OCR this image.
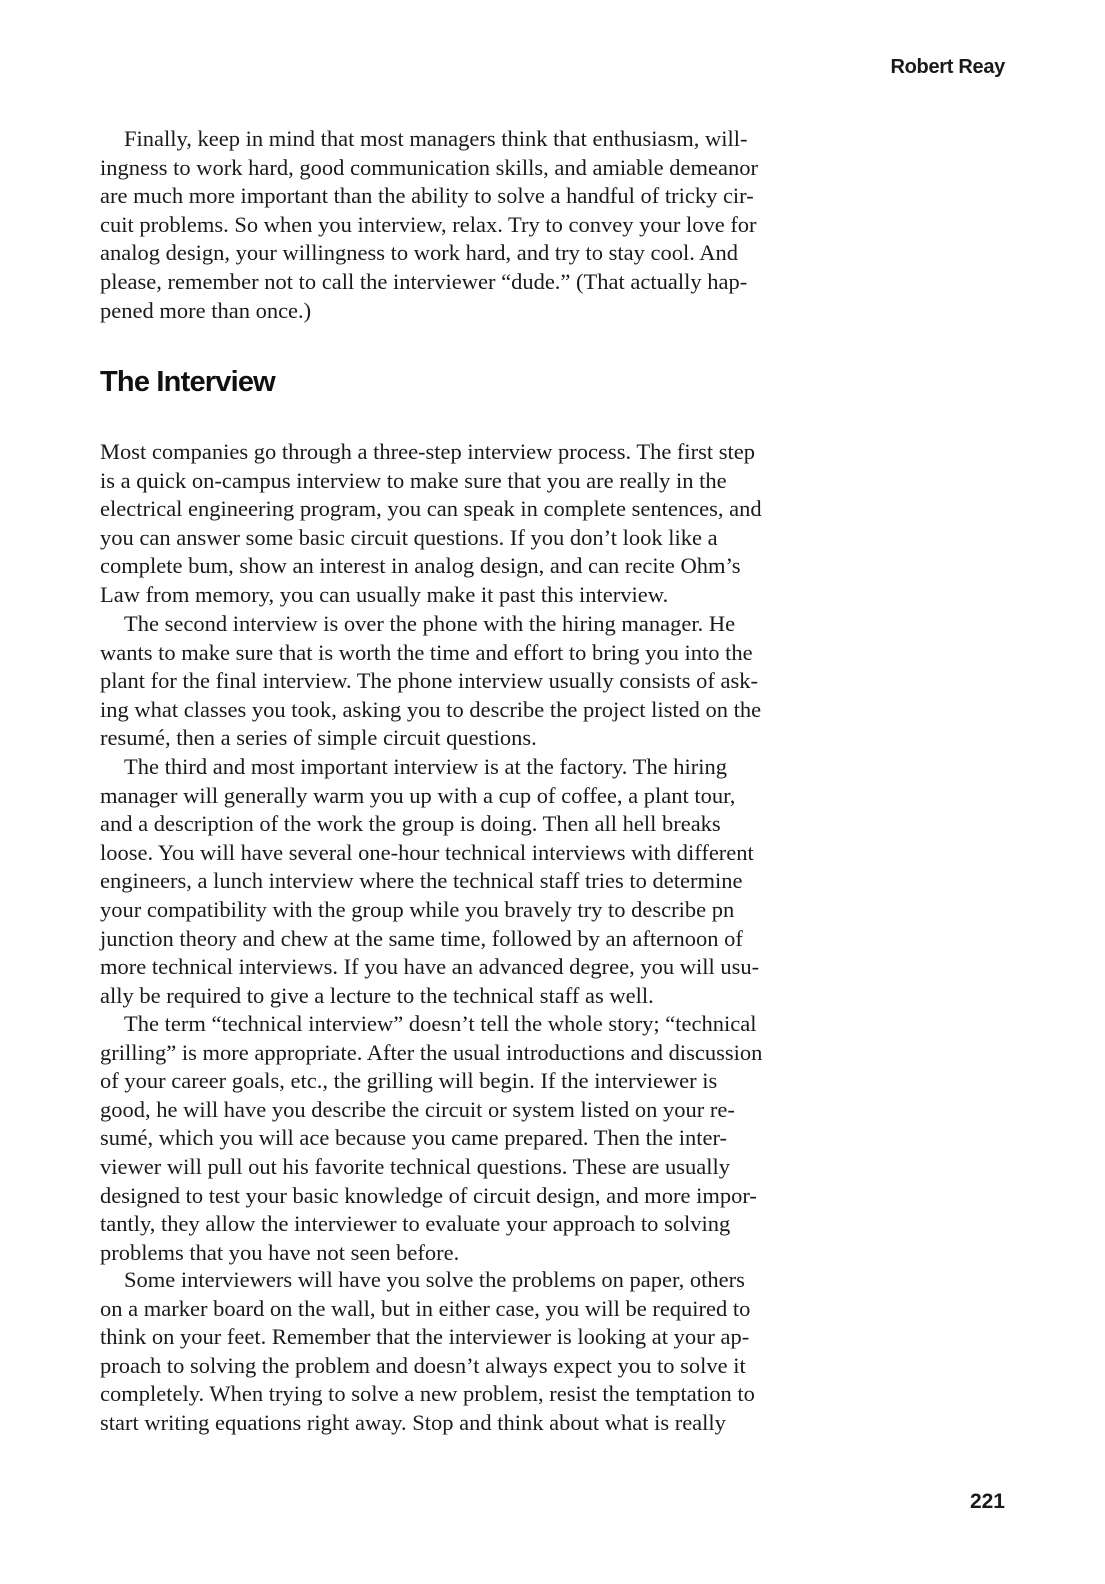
Robert Reay
Finally, keep in mind that most managers think that enthusiasm, will-
ingness to work hard, good communication skills, and amiable demeanor
are much more important than the ability to solve a handful of tricky cir-
cuit problems. So when you interview, relax. Try to convey your love for
analog design, your willingness to work hard, and try to stay cool. And
please, remember not to call the interviewer “dude.” (That actually hap-
pened more than once.)
The Interview
Most companies go through a three-step interview process. The first step
is a quick on-campus interview to make sure that you are really in the
electrical engineering program, you can speak in complete sentences, and
you can answer some basic circuit questions. If you don’t look like a
complete bum, show an interest in analog design, and can recite Ohm’s
Law from memory, you can usually make it past this interview.
The second interview is over the phone with the hiring manager. He
wants to make sure that is worth the time and effort to bring you into the
plant for the final interview. The phone interview usually consists of ask-
ing what classes you took, asking you to describe the project listed on the
resumé, then a series of simple circuit questions.
The third and most important interview is at the factory. The hiring
manager will generally warm you up with a cup of coffee, a plant tour,
and a description of the work the group is doing. Then all hell breaks
loose. You will have several one-hour technical interviews with different
engineers, a lunch interview where the technical staff tries to determine
your compatibility with the group while you bravely try to describe pn
junction theory and chew at the same time, followed by an afternoon of
more technical interviews. If you have an advanced degree, you will usu-
ally be required to give a lecture to the technical staff as well.
The term “technical interview” doesn’t tell the whole story; “technical
grilling” is more appropriate. After the usual introductions and discussion
of your career goals, etc., the grilling will begin. If the interviewer is
good, he will have you describe the circuit or system listed on your re-
sumé, which you will ace because you came prepared. Then the inter-
viewer will pull out his favorite technical questions. These are usually
designed to test your basic knowledge of circuit design, and more impor-
tantly, they allow the interviewer to evaluate your approach to solving
problems that you have not seen before.
Some interviewers will have you solve the problems on paper, others
on a marker board on the wall, but in either case, you will be required to
think on your feet. Remember that the interviewer is looking at your ap-
proach to solving the problem and doesn’t always expect you to solve it
completely. When trying to solve a new problem, resist the temptation to
start writing equations right away. Stop and think about what is really
221
